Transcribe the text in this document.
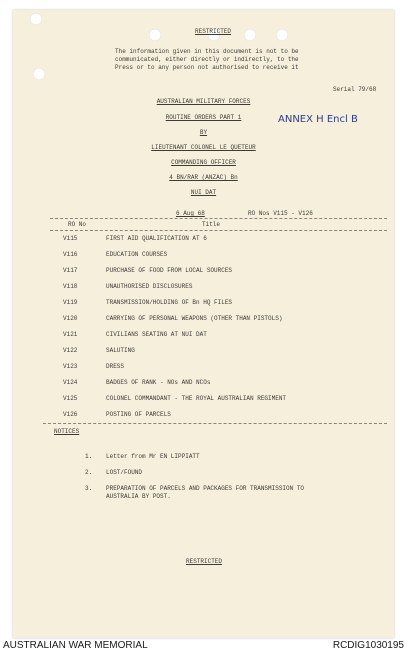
RESTRICTED
The information given in this document is not to be
communicated, either directly or indirectly, to the
Press or to any person not authorised to receive it
Serial 79/68
AUSTRALIAN MILITARY FORCES
ANNEX H Encl B
ROUTINE ORDERS PART 1
BY
LIEUTENANT COLONEL LE QUETEUR
COMMANDING OFFICER
4 BN/RAR (ANZAC) Bn
NUI DAT
6 Aug 68	RO Nos V115 - V126
RO No	Title
V115	FIRST AID QUALIFICATION AT 6
V116	EDUCATION COURSES
V117	PURCHASE OF FOOD FROM LOCAL SOURCES
V118	UNAUTHORISED DISCLOSURES
V119	TRANSMISSION/HOLDING OF Bn HQ FILES
V120	CARRYING OF PERSONAL WEAPONS (OTHER THAN PISTOLS)
V121	CIVILIANS SEATING AT NUI DAT
V122	SALUTING
V123	DRESS
V124	BADGES OF RANK - NOs AND NCOs
V125	COLONEL COMMANDANT - THE ROYAL AUSTRALIAN REGIMENT
V126	POSTING OF PARCELS
NOTICES
1. Letter from Mr EN LIPPIATT
2. LOST/FOUND
3. PREPARATION OF PARCELS AND PACKAGES FOR TRANSMISSION TO
AUSTRALIA BY POST.
RESTRICTED
AUSTRALIAN WAR MEMORIAL	RCDIG1030195
